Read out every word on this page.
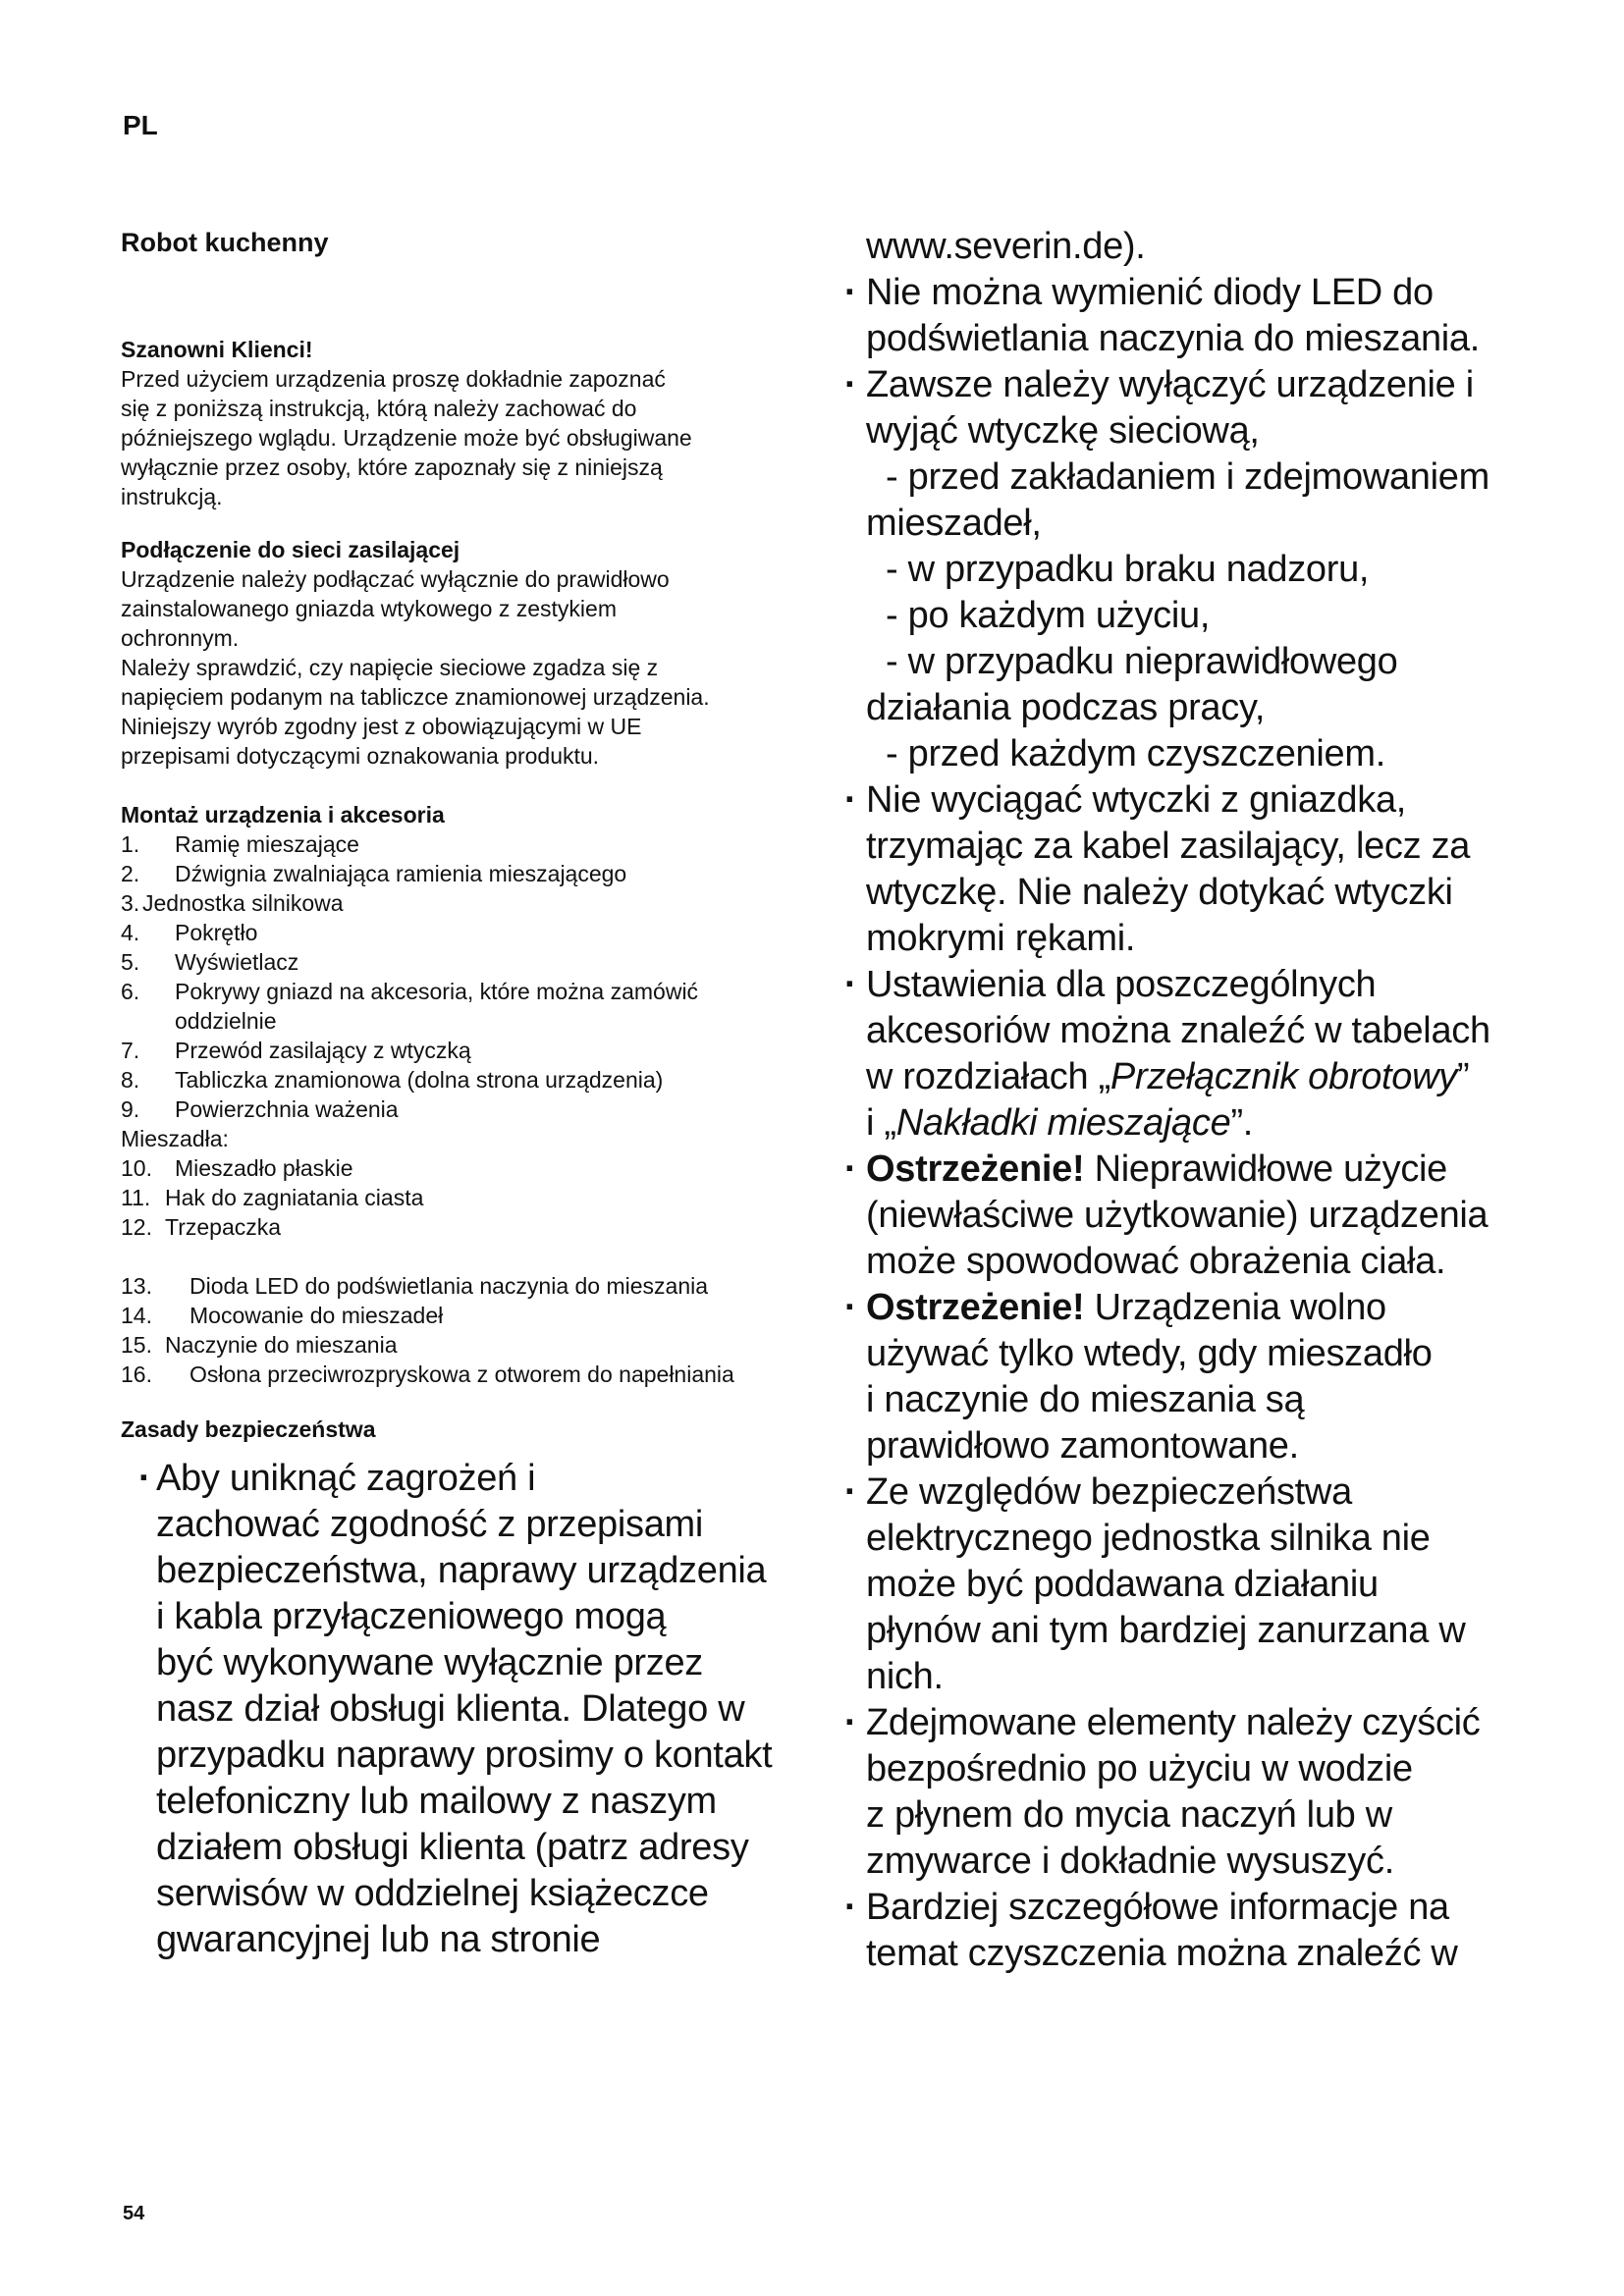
PL
Robot kuchenny

Szanowni Klienci!

Przed użyciem urządzenia proszę dokładnie zapoznać

się z poniższą instrukcją, którą należy zachować do

późniejszego wglądu. Urządzenie może być obsługiwane

wyłącznie przez osoby, które zapoznały się z niniejszą

instrukcją.

Podłączenie do sieci zasilającej

Urządzenie należy podłączać wyłącznie do prawidłowo

zainstalowanego gniazda wtykowego z zestykiem

ochronnym.

Należy sprawdzić, czy napięcie sieciowe zgadza się z

napięciem podanym na tabliczce znamionowej urządzenia.

Niniejszy wyrób zgodny jest z obowiązującymi w UE

przepisami dotyczącymi oznakowania produktu.

Montaż urządzenia i akcesoria

1.	Ramię mieszające
2.	Dźwignia zwalniająca ramienia mieszającego
3. Jednostka silnikowa
4.	Pokrętło
5.	Wyświetlacz
6.	Pokrywy gniazd na akcesoria, które można zamówić
oddzielnie
7.	Przewód zasilający z wtyczką
8.	Tabliczka znamionowa (dolna strona urządzenia)
9.	Powierzchnia ważenia

Mieszadła:

10.	Mieszadło płaskie
11. Hak do zagniatania ciasta
12. Trzepaczka
13.	Dioda LED do podświetlania naczynia do mieszania
14.	Mocowanie do mieszadeł
15. Naczynie do mieszania
16.	Osłona przeciwrozpryskowa z otworem do napełniania

Zasady bezpieczeństwa

· Aby uniknąć zagrożeń i
zachować zgodność z przepisami
bezpieczeństwa, naprawy urządzenia
i kabla przyłączeniowego mogą
być wykonywane wyłącznie przez
nasz dział obsługi klienta. Dlatego w
przypadku naprawy prosimy o kontakt
telefoniczny lub mailowy z naszym
działem obsługi klienta (patrz adresy
serwisów w oddzielnej książeczce
gwarancyjnej lub na stronie
www.severin.de).
· Nie można wymienić diody LED do
podświetlania naczynia do mieszania.
· Zawsze należy wyłączyć urządzenie i
wyjąć wtyczkę sieciową,

- przed zakładaniem i zdejmowaniem
mieszadeł,

- w przypadku braku nadzoru,
- po każdym użyciu,
- w przypadku nieprawidłowego
działania podczas pracy,

- przed każdym czyszczeniem.
· Nie wyciągać wtyczki z gniazdka,
trzymając za kabel zasilający, lecz za
wtyczkę. Nie należy dotykać wtyczki
mokrymi rękami.
· Ustawienia dla poszczególnych
akcesoriów można znaleźć w tabelach
w rozdziałach „Przełącznik obrotowy”
i „Nakładki mieszające”.
· Ostrzeżenie! Nieprawidłowe użycie
(niewłaściwe użytkowanie) urządzenia
może spowodować obrażenia ciała.
· Ostrzeżenie! Urządzenia wolno
używać tylko wtedy, gdy mieszadło
i naczynie do mieszania są
prawidłowo zamontowane.
· Ze względów bezpieczeństwa
elektrycznego jednostka silnika nie
może być poddawana działaniu
płynów ani tym bardziej zanurzana w
nich.
· Zdejmowane elementy należy czyścić
bezpośrednio po użyciu w wodzie
z płynem do mycia naczyń lub w
zmywarce i dokładnie wysuszyć.
· Bardziej szczegółowe informacje na
temat czyszczenia można znaleźć w
54
